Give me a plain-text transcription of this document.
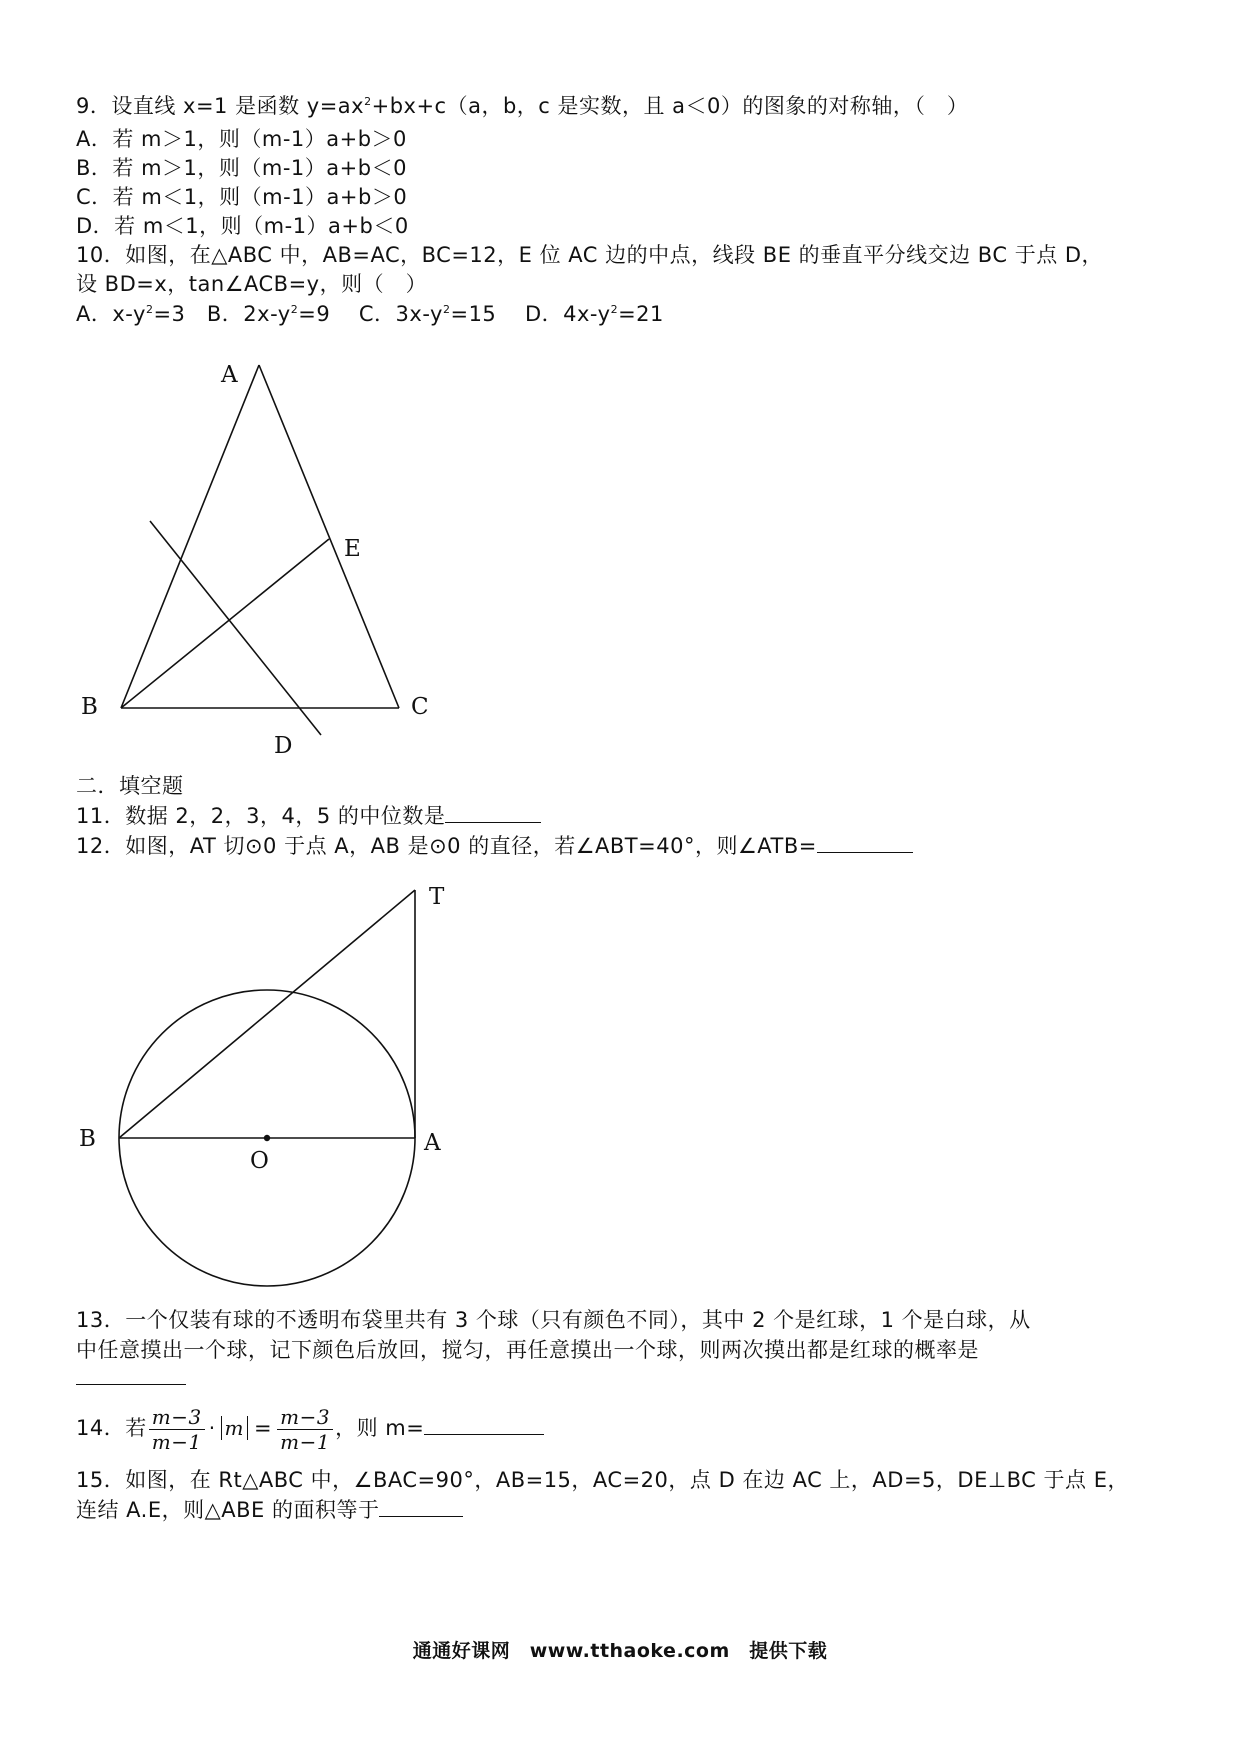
9．设直线 x=1 是函数 $y=ax^2+bx+c(a$，b，c 是实数，且 a＜0）的图象的对称轴，（　）
A．若 m＞1，则（m-1）a+b＞0
B．若 m＞1，则（m-1）a+b＜0
C．若 m＜1，则（m-1）a+b＞0
D．若 m＜1，则（m-1）a+b＜0
10．如图，在△ABC 中，AB=AC，BC=12，E 位 AC 边的中点，线段 BE 的垂直平分线交边 BC 于点 D，
设 BD=x，tan∠ACB=y，则（　）
A．$x-y^2=3$　B．$2x-y^2=9$　 C．$3x-y^2=15$　 D．$4x-y^2=21$
A
E
B	C
D
二．填空题
11．数据 2，2，3，4，5 的中位数是
12．如图，AT 切⊙0 于点 A，AB 是⊙0 的直径，若∠ABT=40°，则∠ATB=
T
B
O
A
13．一个仅装有球的不透明布袋里共有 3 个球（只有颜色不同），其中 2 个是红球，1 个是白球，从
中任意摸出一个球，记下颜色后放回，搅匀，再任意摸出一个球，则两次摸出都是红球的概率是
14．若 $\frac{m-3}{m-1} \cdot m = \frac{m-3}{m-1}$ ，则 m=
15．如图，在 Rt△ABC 中，∠BAC=90°，AB=15，AC=20，点 D 在边 AC 上，AD=5，DE⊥BC 于点 E，
连结 A.E，则△ABE 的面积等于
通通好课网　www.tthaoke.com　提供下载
